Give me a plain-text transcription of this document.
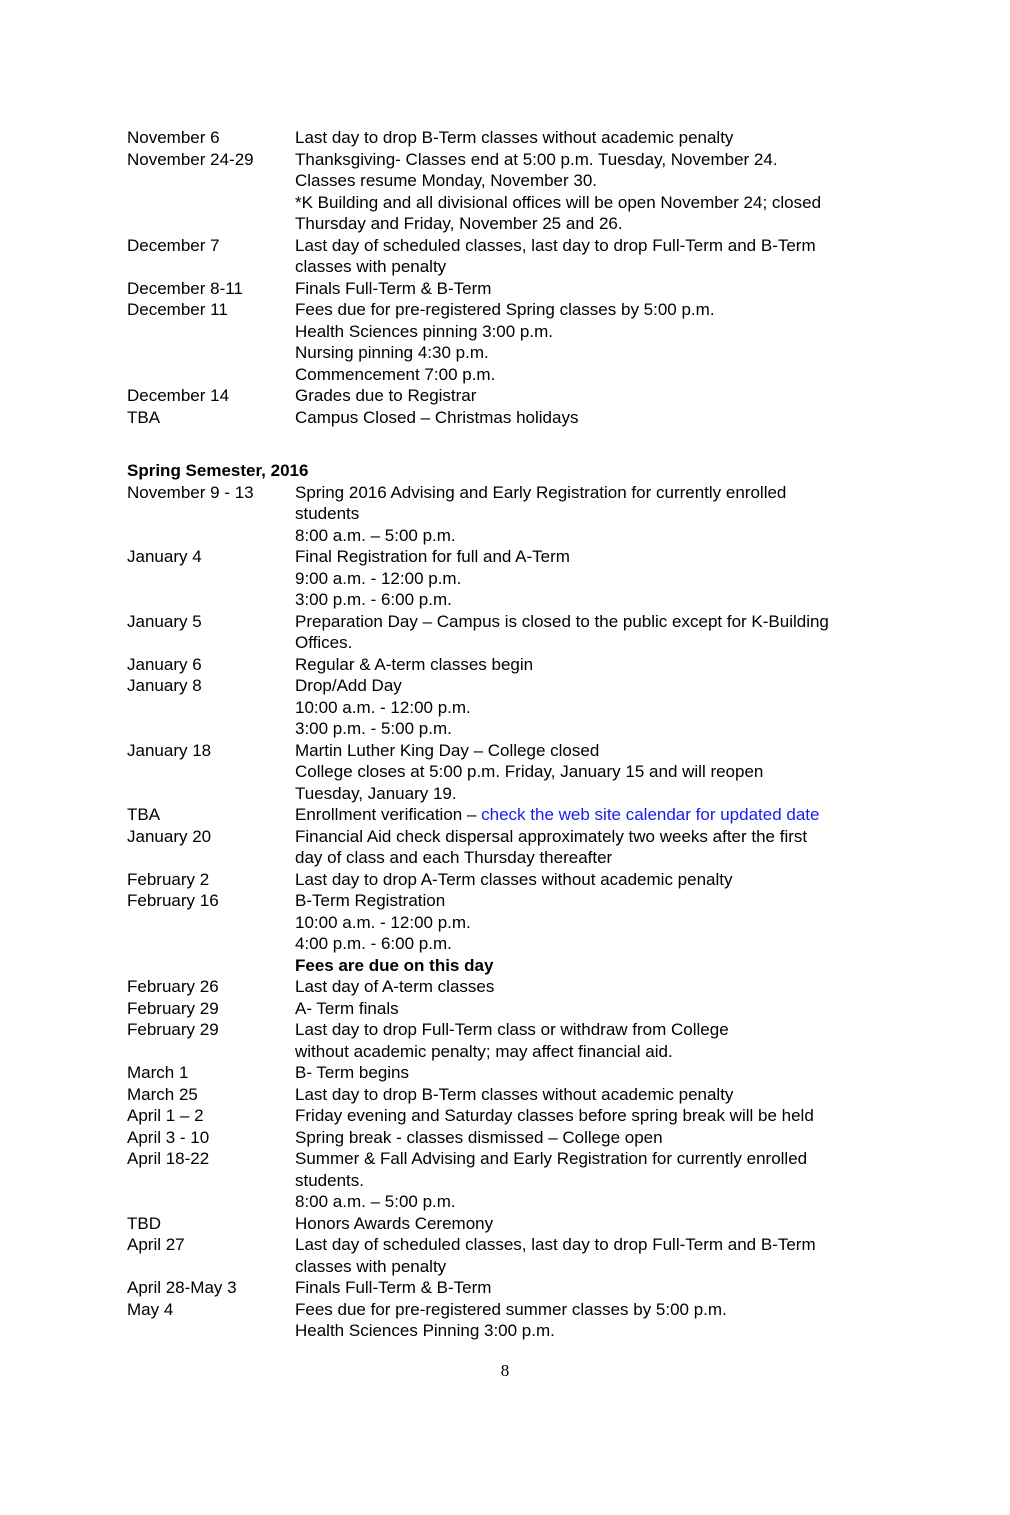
November 6	Last day to drop B-Term classes without academic penalty
November 24-29	Thanksgiving- Classes end at 5:00 p.m. Tuesday, November 24.
Classes resume Monday, November 30.
*K Building and all divisional offices will be open November 24; closed
Thursday and Friday, November 25 and 26.
December 7	Last day of scheduled classes, last day to drop Full-Term and B-Term
classes with penalty
December 8-11	Finals Full-Term & B-Term
December 11	Fees due for pre-registered Spring classes by 5:00 p.m.
Health Sciences pinning 3:00 p.m.
Nursing pinning 4:30 p.m.
Commencement 7:00 p.m.
December 14	Grades due to Registrar
TBA	Campus Closed – Christmas holidays
Spring Semester, 2016
November 9 - 13	Spring 2016 Advising and Early Registration for currently enrolled
students
8:00 a.m. – 5:00 p.m.
January 4	Final Registration for full and A-Term
9:00 a.m. - 12:00 p.m.
3:00 p.m. - 6:00 p.m.
January 5	Preparation Day – Campus is closed to the public except for K-Building
Offices.
January 6	Regular & A-term classes begin
January 8	Drop/Add Day
10:00 a.m. - 12:00 p.m.
3:00 p.m. - 5:00 p.m.
January 18	Martin Luther King Day – College closed
College closes at 5:00 p.m. Friday, January 15 and will reopen
Tuesday, January 19.
TBA	Enrollment verification – check the web site calendar for updated date
January 20	Financial Aid check dispersal approximately two weeks after the first
day of class and each Thursday thereafter
February 2	Last day to drop A-Term classes without academic penalty
February 16	B-Term Registration
10:00 a.m. - 12:00 p.m.
4:00 p.m. - 6:00 p.m.
Fees are due on this day
February 26	Last day of A-term classes
February 29	A- Term finals
February 29	Last day to drop Full-Term class or withdraw from College
without academic penalty; may affect financial aid.
March 1	B- Term begins
March 25	Last day to drop B-Term classes without academic penalty
April 1 – 2	Friday evening and Saturday classes before spring break will be held
April 3 - 10	Spring break - classes dismissed – College open
April 18-22	Summer & Fall Advising and Early Registration for currently enrolled
students.
8:00 a.m. – 5:00 p.m.
TBD	Honors Awards Ceremony
April 27	Last day of scheduled classes, last day to drop Full-Term and B-Term
classes with penalty
April 28-May 3	Finals Full-Term & B-Term
May 4	Fees due for pre-registered summer classes by 5:00 p.m.
Health Sciences Pinning 3:00 p.m.
8
